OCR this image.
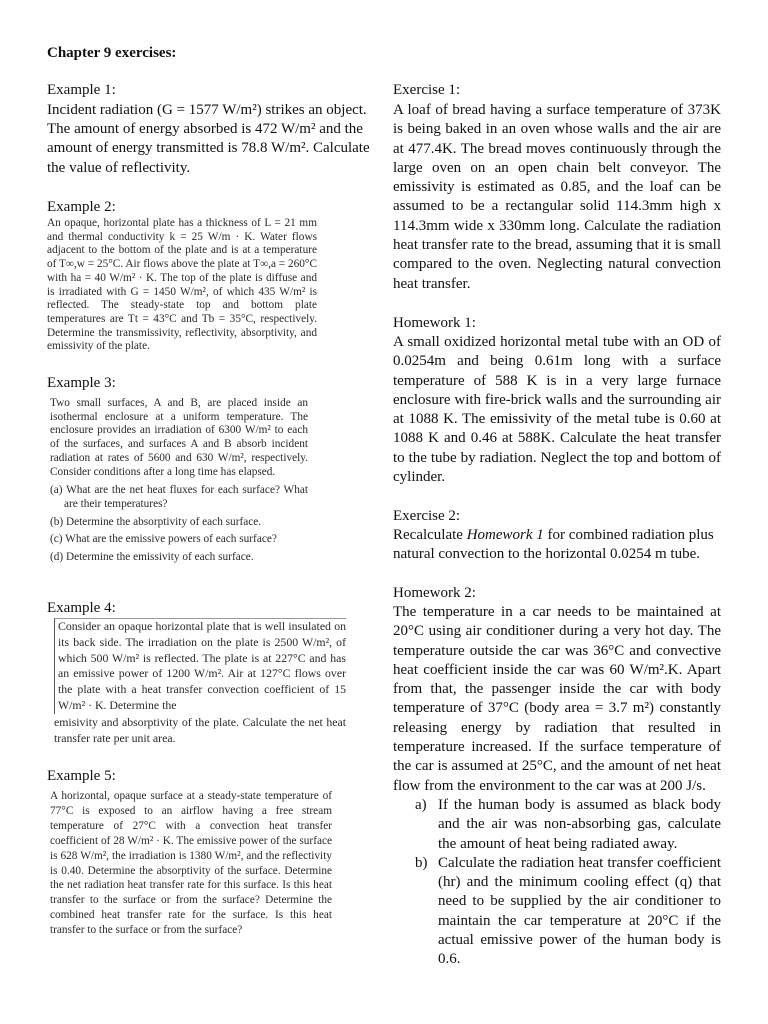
Chapter 9 exercises:
Example 1:
Incident radiation (G = 1577 W/m²) strikes an object.
The amount of energy absorbed is 472 W/m² and the
amount of energy transmitted is 78.8 W/m². Calculate
the value of reflectivity.
Example 2:
An opaque, horizontal plate has a thickness of L = 21 mm and thermal conductivity k = 25 W/m · K. Water flows adjacent to the bottom of the plate and is at a temperature of T∞,w = 25°C. Air flows above the plate at T∞,a = 260°C with ha = 40 W/m² · K. The top of the plate is diffuse and is irradiated with G = 1450 W/m², of which 435 W/m² is reflected. The steady-state top and bottom plate temperatures are Tt = 43°C and Tb = 35°C, respectively. Determine the transmissivity, reflectivity, absorptivity, and emissivity of the plate.
Example 3:

Two small surfaces, A and B, are placed inside an isothermal enclosure at a uniform temperature. The enclosure provides an irradiation of 6300 W/m² to each of the surfaces, and surfaces A and B absorb incident radiation at rates of 5600 and 630 W/m², respectively. Consider conditions after a long time has elapsed.

(a) What are the net heat fluxes for each surface? What are their temperatures?
(b) Determine the absorptivity of each surface.
(c) What are the emissive powers of each surface?
(d) Determine the emissivity of each surface.
Example 4:
Consider an opaque horizontal plate that is well insulated on its back side. The irradiation on the plate is 2500 W/m², of which 500 W/m² is reflected. The plate is at 227°C and has an emissive power of 1200 W/m². Air at 127°C flows over the plate with a heat transfer convection coefficient of 15 W/m² · K. Determine the
emisivity and absorptivity of the plate. Calculate the net heat transfer rate per unit area.
Example 5:
A horizontal, opaque surface at a steady-state temperature of 77°C is exposed to an airflow having a free stream temperature of 27°C with a convection heat transfer coefficient of 28 W/m² · K. The emissive power of the surface is 628 W/m², the irradiation is 1380 W/m², and the reflectivity is 0.40. Determine the absorptivity of the surface. Determine the net radiation heat transfer rate for this surface. Is this heat transfer to the surface or from the surface? Determine the combined heat transfer rate for the surface. Is this heat transfer to the surface or from the surface?
Exercise 1:
A loaf of bread having a surface temperature of 373K is being baked in an oven whose walls and the air are at 477.4K. The bread moves continuously through the large oven on an open chain belt conveyor. The emissivity is estimated as 0.85, and the loaf can be assumed to be a rectangular solid 114.3mm high x 114.3mm wide x 330mm long. Calculate the radiation heat transfer rate to the bread, assuming that it is small compared to the oven. Neglecting natural convection heat transfer.
Homework 1:
A small oxidized horizontal metal tube with an OD of 0.0254m and being 0.61m long with a surface temperature of 588 K is in a very large furnace enclosure with fire-brick walls and the surrounding air at 1088 K. The emissivity of the metal tube is 0.60 at 1088 K and 0.46 at 588K. Calculate the heat transfer to the tube by radiation. Neglect the top and bottom of cylinder.
Exercise 2:
Recalculate Homework 1 for combined radiation plus natural convection to the horizontal 0.0254 m tube.
Homework 2:
The temperature in a car needs to be maintained at 20°C using air conditioner during a very hot day. The temperature outside the car was 36°C and convective heat coefficient inside the car was 60 W/m².K. Apart from that, the passenger inside the car with body temperature of 37°C (body area = 3.7 m²) constantly releasing energy by radiation that resulted in temperature increased. If the surface temperature of the car is assumed at 25°C, and the amount of net heat flow from the environment to the car was at 200 J/s.
a) If the human body is assumed as black body and the air was non-absorbing gas, calculate the amount of heat being radiated away.
b) Calculate the radiation heat transfer coefficient (hr) and the minimum cooling effect (q) that need to be supplied by the air conditioner to maintain the car temperature at 20°C if the actual emissive power of the human body is 0.6.
